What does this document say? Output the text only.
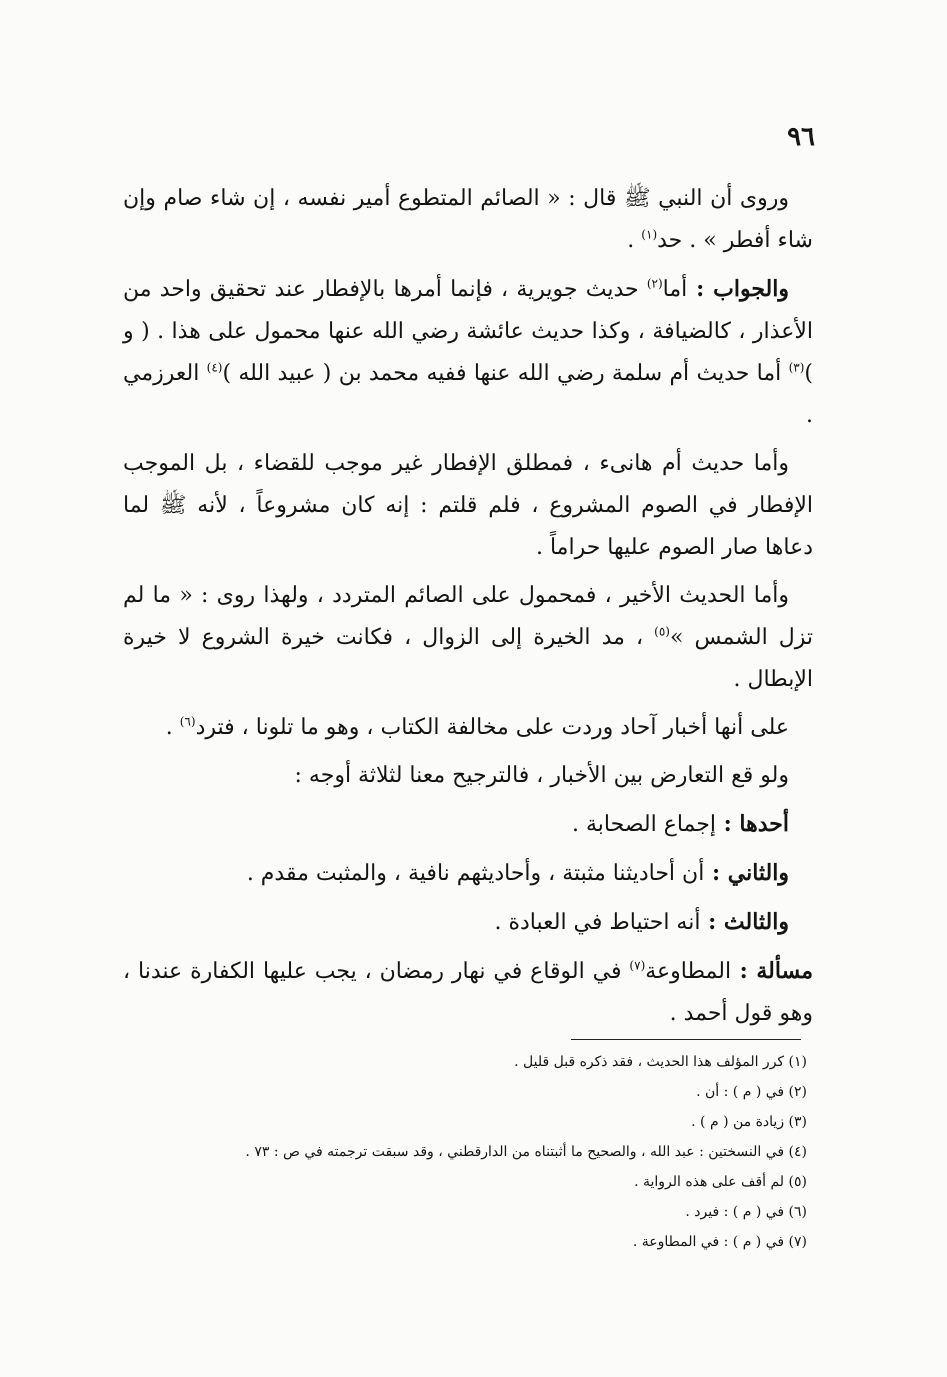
٩٦

وروى أن النبي ﷺ قال : « الصائم المتطوع أمير نفسه ، إن شاء صام وإن شاء أفطر » . حد$^{(١)}$ .

والجواب : أما$^{(٢)}$ حديث جويرية ، فإنما أمرها بالإفطار عند تحقيق واحد من الأعذار ، كالضيافة ، وكذا حديث عائشة رضي الله عنها محمول على هذا . ( و )$^{(٣)}$ أما حديث أم سلمة رضي الله عنها ففيه محمد بن ( عبيد الله )$^{(٤)}$ العرزمي .

وأما حديث أم هانىء ، فمطلق الإفطار غير موجب للقضاء ، بل الموجب الإفطار في الصوم المشروع ، فلم قلتم : إنه كان مشروعاً ، لأنه ﷺ لما دعاها صار الصوم عليها حراماً .

وأما الحديث الأخير ، فمحمول على الصائم المتردد ، ولهذا روى : « ما لم تزل الشمس »$^{(٥)}$ ، مد الخيرة إلى الزوال ، فكانت خيرة الشروع لا خيرة الإبطال .

على أنها أخبار آحاد وردت على مخالفة الكتاب ، وهو ما تلونا ، فترد$^{(٦)}$ .

ولو قع التعارض بين الأخبار ، فالترجيح معنا لثلاثة أوجه :

أحدها : إجماع الصحابة .

والثاني : أن أحاديثنا مثبتة ، وأحاديثهم نافية ، والمثبت مقدم .

والثالث : أنه احتياط في العبادة .

مسألة : المطاوعة$^{(٧)}$ في الوقاع في نهار رمضان ، يجب عليها الكفارة عندنا ، وهو قول أحمد .

(١) كرر المؤلف هذا الحديث ، فقد ذكره قبل قليل .

(٢) في ( م ) : أن .

(٣) زيادة من ( م ) .

(٤) في النسختين : عبد الله ، والصحيح ما أثبتناه من الدارقطني ، وقد سبقت ترجمته في ص : ٧٣ .

(٥) لم أقف على هذه الرواية .

(٦) في ( م ) : فيرد .

(٧) في ( م ) : في المطاوعة .
